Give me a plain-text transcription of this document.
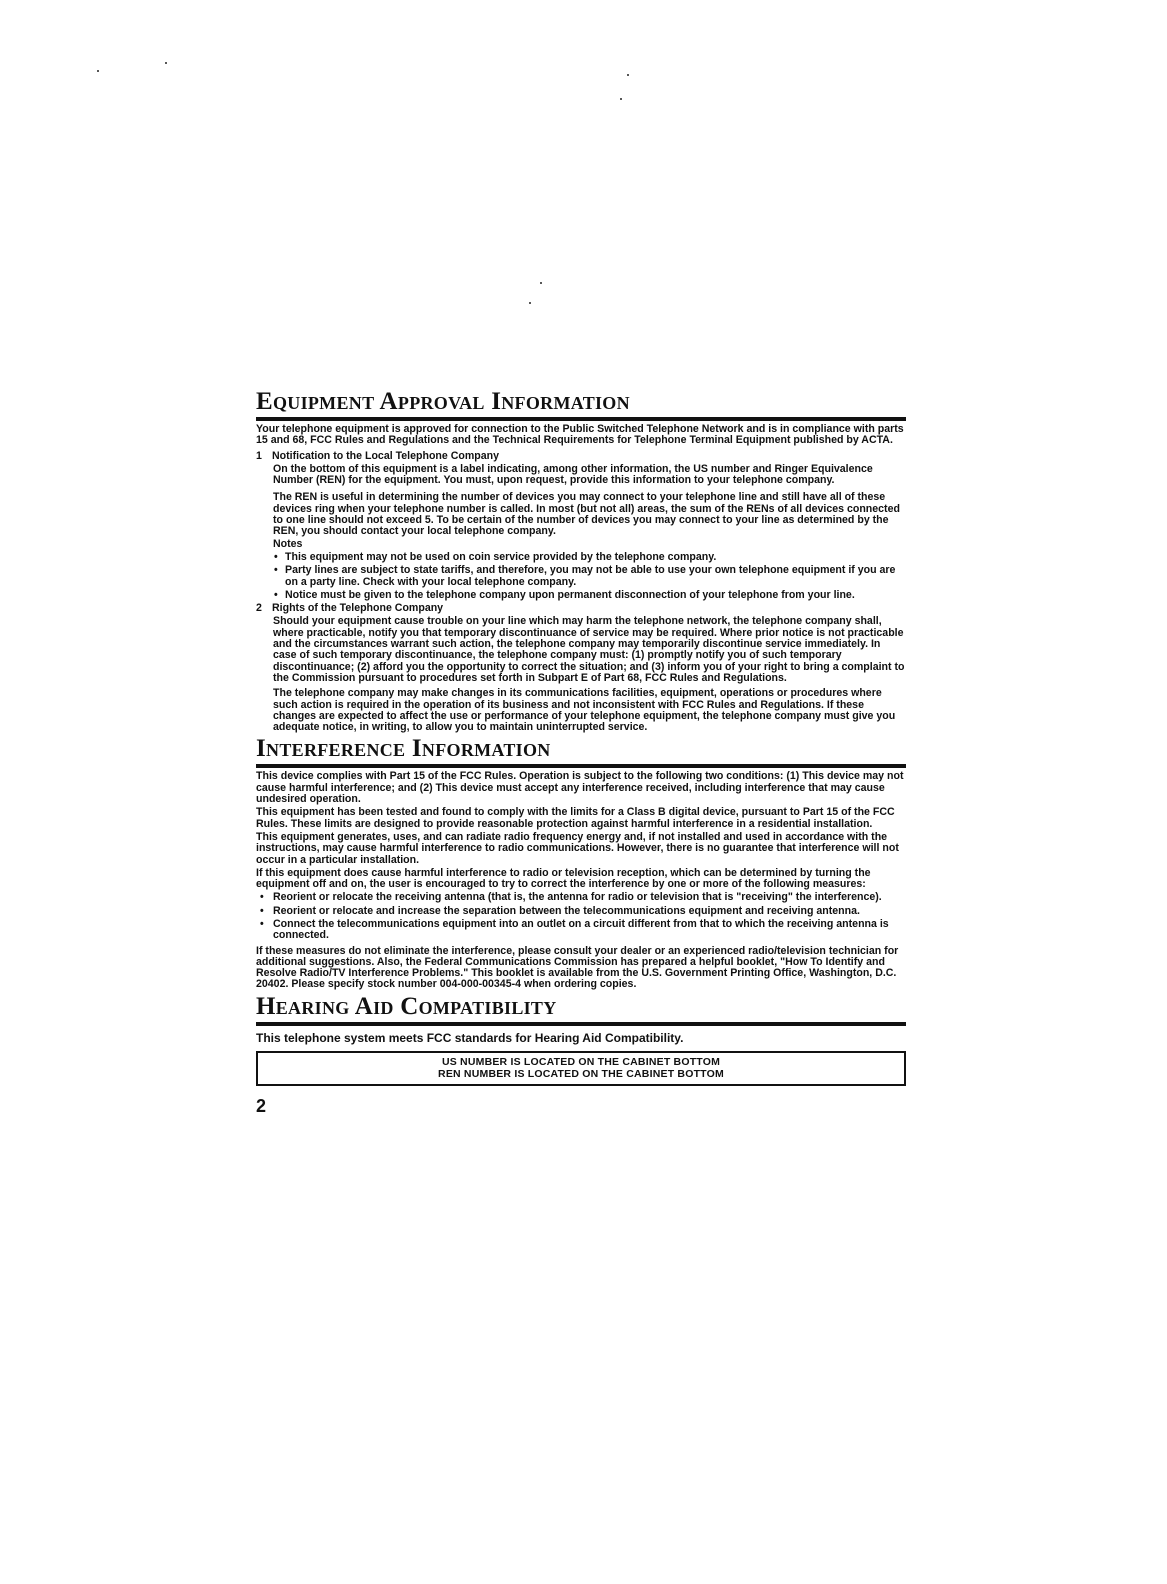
Equipment Approval Information

Your telephone equipment is approved for connection to the Public Switched Telephone Network and is in compliance with parts 15 and 68, FCC Rules and Regulations and the Technical Requirements for Telephone Terminal Equipment published by ACTA.

1 Notification to the Local Telephone Company

On the bottom of this equipment is a label indicating, among other information, the US number and Ringer Equivalence Number (REN) for the equipment. You must, upon request, provide this information to your telephone company.

The REN is useful in determining the number of devices you may connect to your telephone line and still have all of these devices ring when your telephone number is called. In most (but not all) areas, the sum of the RENs of all devices connected to one line should not exceed 5. To be certain of the number of devices you may connect to your line as determined by the REN, you should contact your local telephone company.

Notes
• This equipment may not be used on coin service provided by the telephone company.
• Party lines are subject to state tariffs, and therefore, you may not be able to use your own telephone equipment if you are on a party line. Check with your local telephone company.
• Notice must be given to the telephone company upon permanent disconnection of your telephone from your line.
2 Rights of the Telephone Company

Should your equipment cause trouble on your line which may harm the telephone network, the telephone company shall, where practicable, notify you that temporary discontinuance of service may be required. Where prior notice is not practicable and the circumstances warrant such action, the telephone company may temporarily discontinue service immediately. In case of such temporary discontinuance, the telephone company must: (1) promptly notify you of such temporary discontinuance; (2) afford you the opportunity to correct the situation; and (3) inform you of your right to bring a complaint to the Commission pursuant to procedures set forth in Subpart E of Part 68, FCC Rules and Regulations.

The telephone company may make changes in its communications facilities, equipment, operations or procedures where such action is required in the operation of its business and not inconsistent with FCC Rules and Regulations. If these changes are expected to affect the use or performance of your telephone equipment, the telephone company must give you adequate notice, in writing, to allow you to maintain uninterrupted service.

Interference Information

This device complies with Part 15 of the FCC Rules. Operation is subject to the following two conditions: (1) This device may not cause harmful interference; and (2) This device must accept any interference received, including interference that may cause undesired operation.

This equipment has been tested and found to comply with the limits for a Class B digital device, pursuant to Part 15 of the FCC Rules. These limits are designed to provide reasonable protection against harmful interference in a residential installation.

This equipment generates, uses, and can radiate radio frequency energy and, if not installed and used in accordance with the instructions, may cause harmful interference to radio communications. However, there is no guarantee that interference will not occur in a particular installation.

If this equipment does cause harmful interference to radio or television reception, which can be determined by turning the equipment off and on, the user is encouraged to try to correct the interference by one or more of the following measures:

• Reorient or relocate the receiving antenna (that is, the antenna for radio or television that is "receiving" the interference).
• Reorient or relocate and increase the separation between the telecommunications equipment and receiving antenna.
• Connect the telecommunications equipment into an outlet on a circuit different from that to which the receiving antenna is connected.

If these measures do not eliminate the interference, please consult your dealer or an experienced radio/television technician for additional suggestions. Also, the Federal Communications Commission has prepared a helpful booklet, "How To Identify and Resolve Radio/TV Interference Problems." This booklet is available from the U.S. Government Printing Office, Washington, D.C. 20402. Please specify stock number 004-000-00345-4 when ordering copies.

Hearing Aid Compatibility
This telephone system meets FCC standards for Hearing Aid Compatibility.
US NUMBER IS LOCATED ON THE CABINET BOTTOM
REN NUMBER IS LOCATED ON THE CABINET BOTTOM
2
